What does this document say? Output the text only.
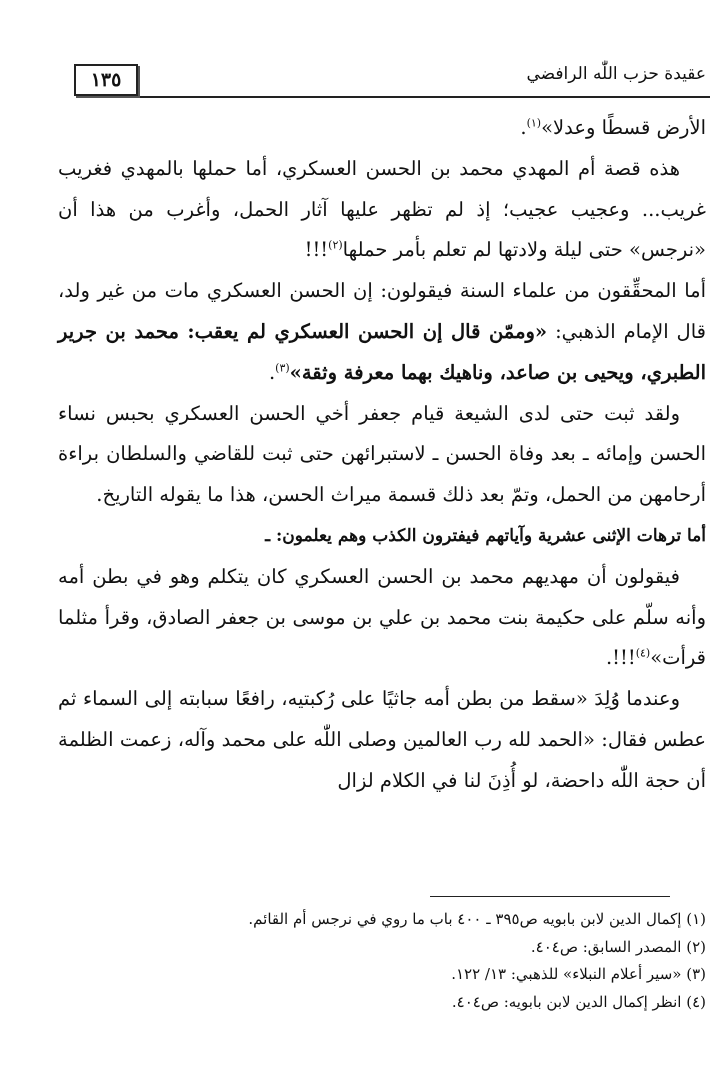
١٣٥	عقيدة حزب اللّٰه الرافضي

الأرض قسطًا وعدلا»$^{(١)}$.

هذه قصة أم المهدي محمد بن الحسن العسكري، أما حملها بالمهدي فغريب غريب... وعجيب عجيب؛ إذ لم تظهر عليها آثار الحمل، وأغرب من هذا أن «نرجس» حتى ليلة ولادتها لم تعلم بأمر حملها$^{(٢)}$!!!

أما المحقِّقون من علماء السنة فيقولون: إن الحسن العسكري مات من غير ولد، قال الإمام الذهبي: «وممّن قال إن الحسن العسكري لم يعقب: محمد بن جرير الطبري، ويحيى بن صاعد، وناهيك بهما معرفة وثقة»$^{(٣)}$.

ولقد ثبت حتى لدى الشيعة قيام جعفر أخي الحسن العسكري بحبس نساء الحسن وإمائه ـ بعد وفاة الحسن ـ لاستبرائهن حتى ثبت للقاضي والسلطان براءة أرحامهن من الحمل، وتمّ بعد ذلك قسمة ميراث الحسن، هذا ما يقوله التاريخ.

أما ترهات الإثنى عشرية وآياتهم فيفترون الكذب وهم يعلمون: ـ

فيقولون أن مهديهم محمد بن الحسن العسكري كان يتكلم وهو في بطن أمه وأنه سلّم على حكيمة بنت محمد بن علي بن موسى بن جعفر الصادق، وقرأ مثلما قرأت»$^{(٤)}$!!!.

وعندما وُلِدَ «سقط من بطن أمه جاثيًا على رُكبتيه، رافعًا سبابته إلى السماء ثم عطس فقال: «الحمد لله رب العالمين وصلى اللّٰه على محمد وآله، زعمت الظلمة أن حجة اللّٰه داحضة، لو أُذِنَ لنا في الكلام لزال

(١) إكمال الدين لابن بابويه ص٣٩٥ ـ ٤٠٠ باب ما روي في نرجس أم القائم.
(٢) المصدر السابق: ص٤٠٤.
(٣) «سير أعلام النبلاء» للذهبي: ١٣/ ١٢٢.
(٤) انظر إكمال الدين لابن بابويه: ص٤٠٤.
